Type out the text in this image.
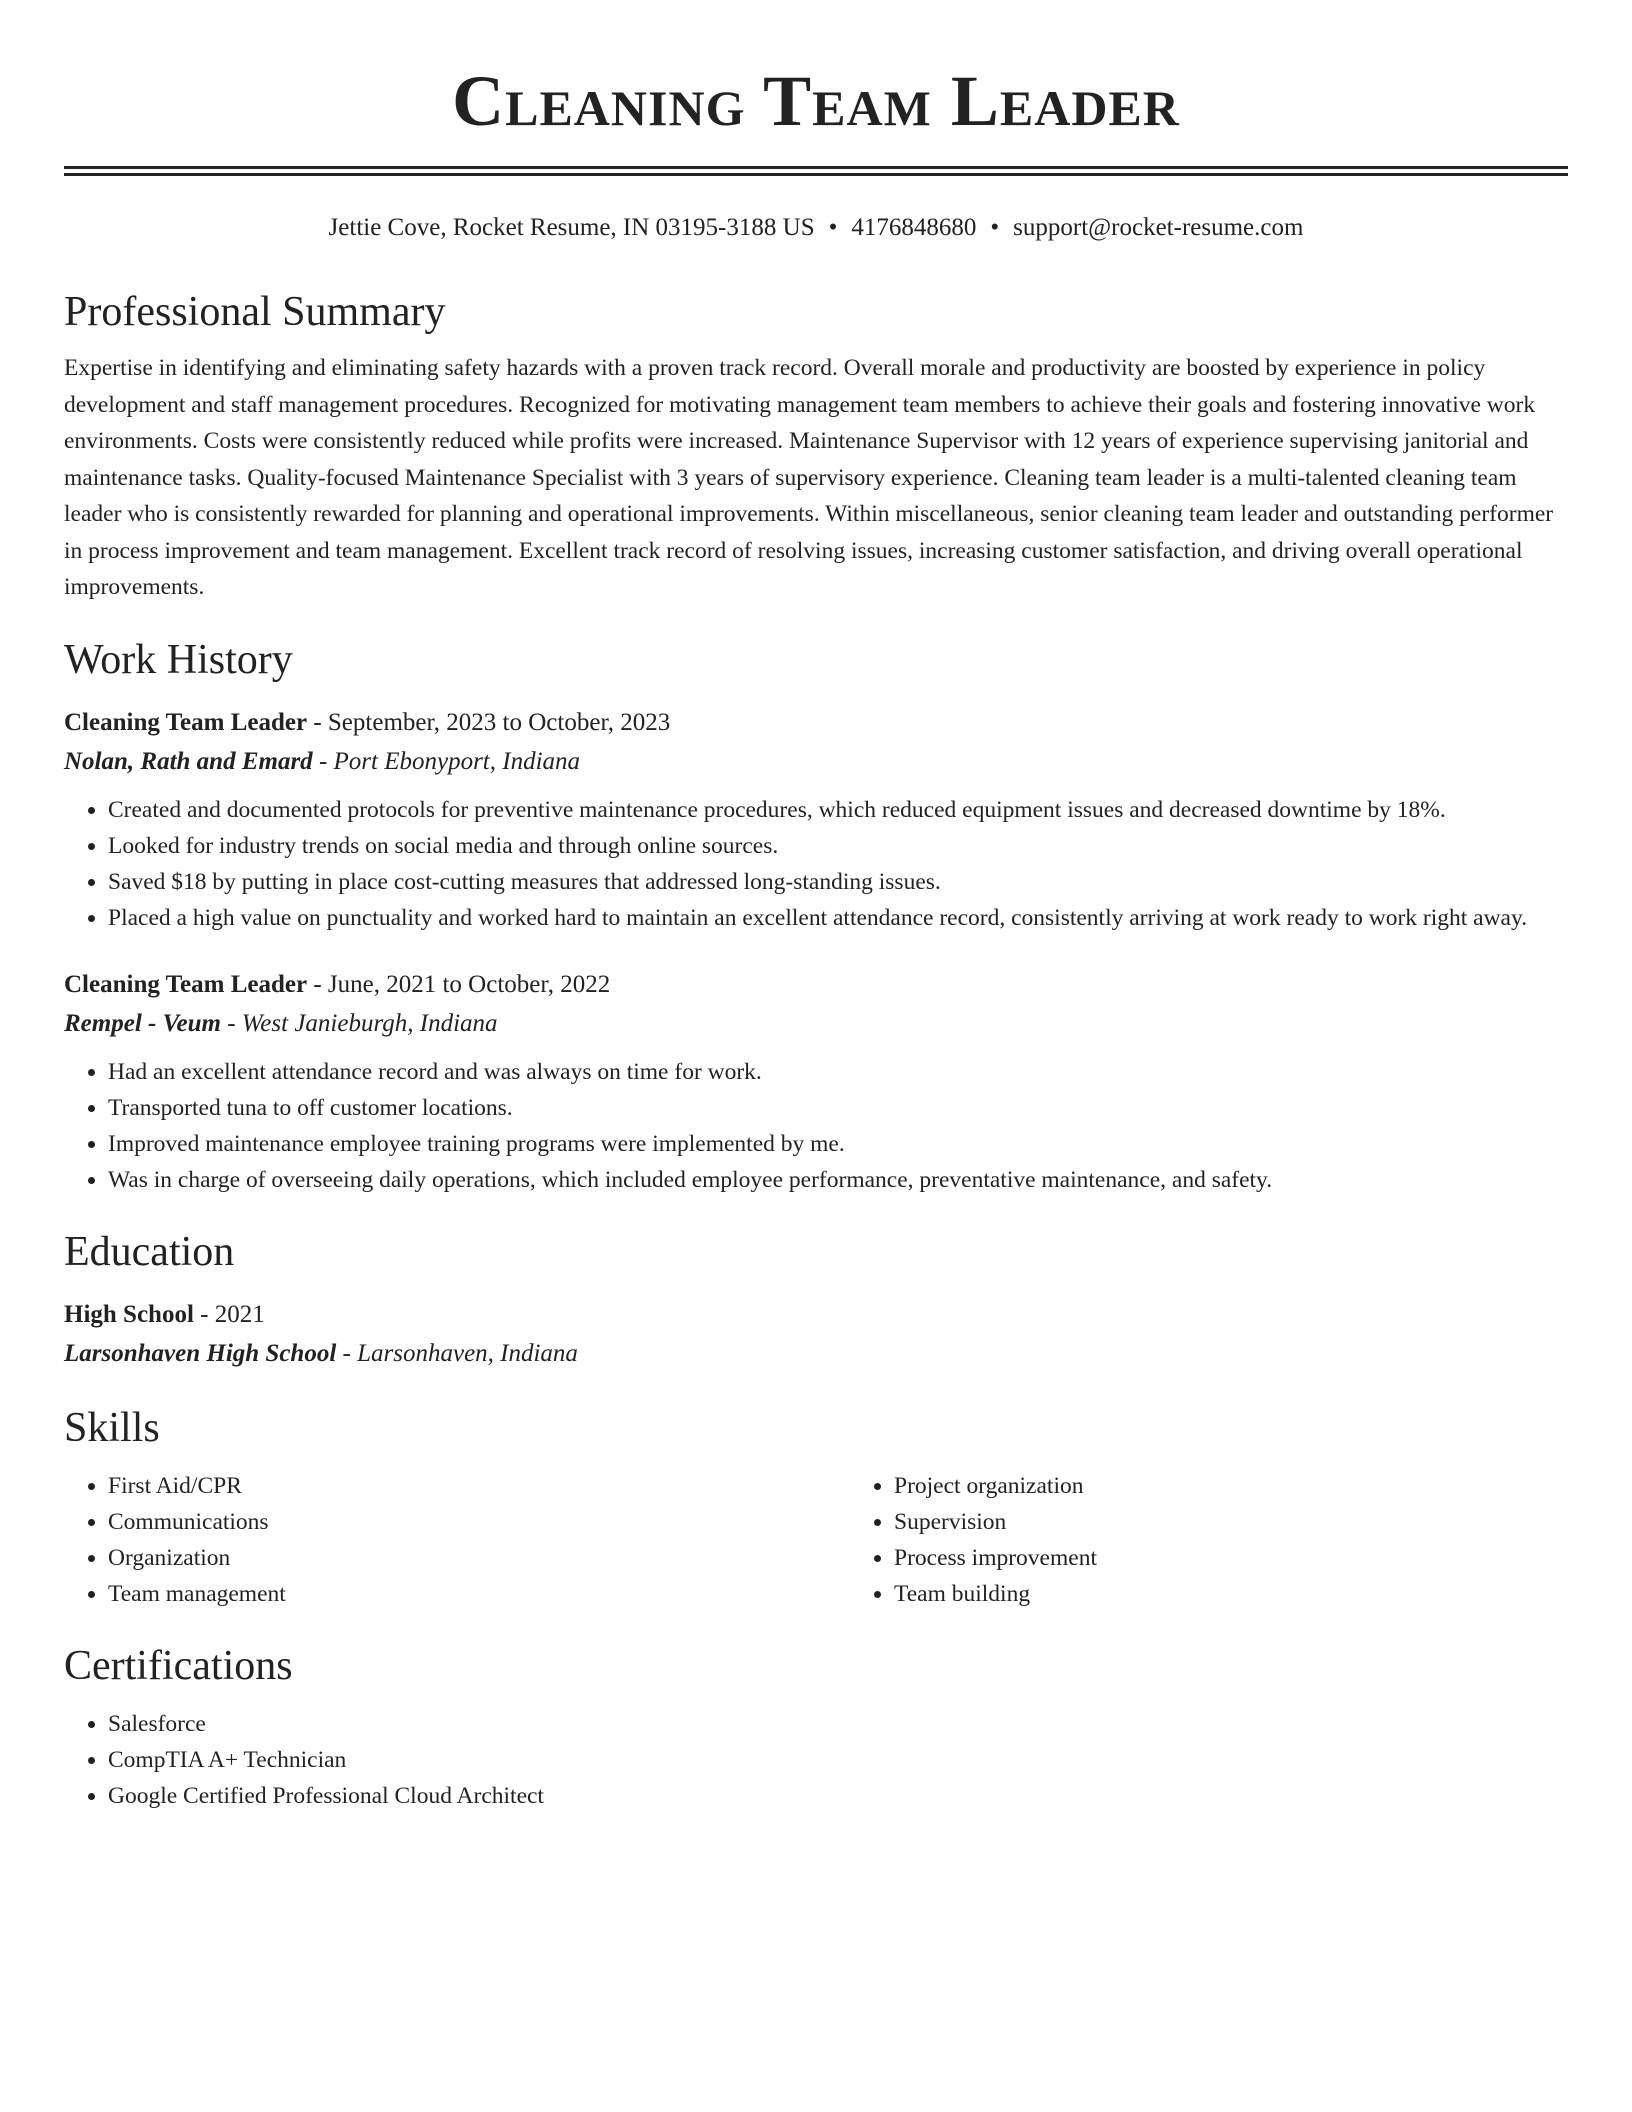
Cleaning Team Leader
Jettie Cove, Rocket Resume, IN 03195-3188 US • 4176848680 • support@rocket-resume.com
Professional Summary

Expertise in identifying and eliminating safety hazards with a proven track record. Overall morale and productivity are boosted by experience in policy development and staff management procedures. Recognized for motivating management team members to achieve their goals and fostering innovative work environments. Costs were consistently reduced while profits were increased. Maintenance Supervisor with 12 years of experience supervising janitorial and maintenance tasks. Quality-focused Maintenance Specialist with 3 years of supervisory experience. Cleaning team leader is a multi-talented cleaning team leader who is consistently rewarded for planning and operational improvements. Within miscellaneous, senior cleaning team leader and outstanding performer in process improvement and team management. Excellent track record of resolving issues, increasing customer satisfaction, and driving overall operational improvements.

Work History
Cleaning Team Leader - September, 2023 to October, 2023
Nolan, Rath and Emard - Port Ebonyport, Indiana
• Created and documented protocols for preventive maintenance procedures, which reduced equipment issues and decreased downtime by 18%.
• Looked for industry trends on social media and through online sources.
• Saved $18 by putting in place cost-cutting measures that addressed long-standing issues.
• Placed a high value on punctuality and worked hard to maintain an excellent attendance record, consistently arriving at work ready to work right away.
Cleaning Team Leader - June, 2021 to October, 2022
Rempel - Veum - West Janieburgh, Indiana
• Had an excellent attendance record and was always on time for work.
• Transported tuna to off customer locations.
• Improved maintenance employee training programs were implemented by me.
• Was in charge of overseeing daily operations, which included employee performance, preventative maintenance, and safety.
Education
High School - 2021
Larsonhaven High School - Larsonhaven, Indiana
Skills
• First Aid/CPR
• Communications
• Organization
• Team management
• Project organization
• Supervision
• Process improvement
• Team building
Certifications
• Salesforce
• CompTIA A+ Technician
• Google Certified Professional Cloud Architect
